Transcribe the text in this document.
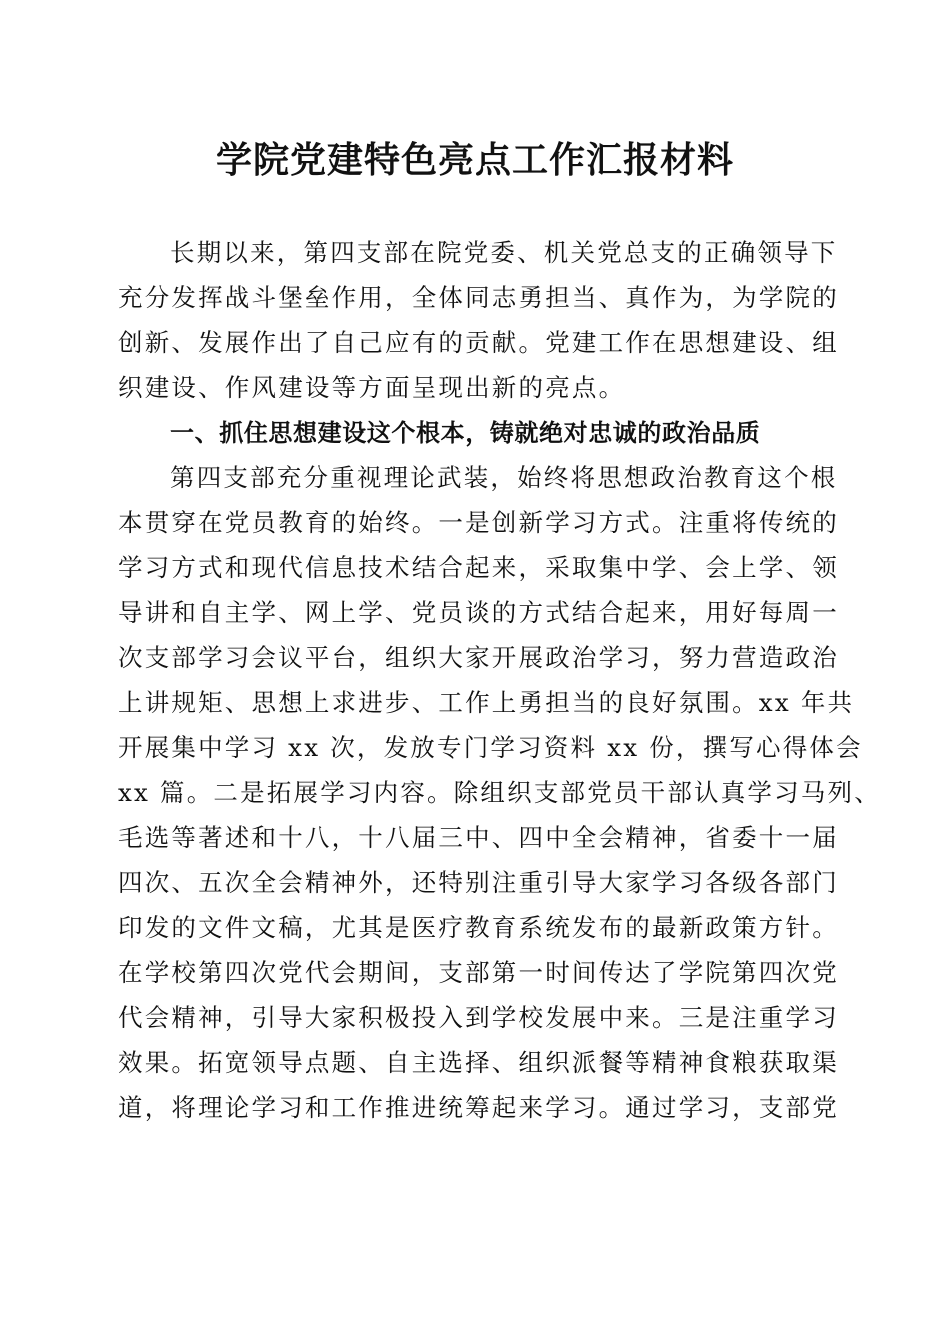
学院党建特色亮点工作汇报材料
长期以来，第四支部在院党委、机关党总支的正确领导下
充分发挥战斗堡垒作用，全体同志勇担当、真作为，为学院的
创新、发展作出了自己应有的贡献。党建工作在思想建设、组
织建设、作风建设等方面呈现出新的亮点。
一、抓住思想建设这个根本，铸就绝对忠诚的政治品质
第四支部充分重视理论武装，始终将思想政治教育这个根
本贯穿在党员教育的始终。一是创新学习方式。注重将传统的
学习方式和现代信息技术结合起来，采取集中学、会上学、领
导讲和自主学、网上学、党员谈的方式结合起来，用好每周一
次支部学习会议平台，组织大家开展政治学习，努力营造政治
上讲规矩、思想上求进步、工作上勇担当的良好氛围。xx 年共
开展集中学习 xx 次，发放专门学习资料 xx 份，撰写心得体会
xx 篇。二是拓展学习内容。除组织支部党员干部认真学习马列、
毛选等著述和十八，十八届三中、四中全会精神，省委十一届
四次、五次全会精神外，还特别注重引导大家学习各级各部门
印发的文件文稿，尤其是医疗教育系统发布的最新政策方针。
在学校第四次党代会期间，支部第一时间传达了学院第四次党
代会精神，引导大家积极投入到学校发展中来。三是注重学习
效果。拓宽领导点题、自主选择、组织派餐等精神食粮获取渠
道，将理论学习和工作推进统筹起来学习。通过学习，支部党
